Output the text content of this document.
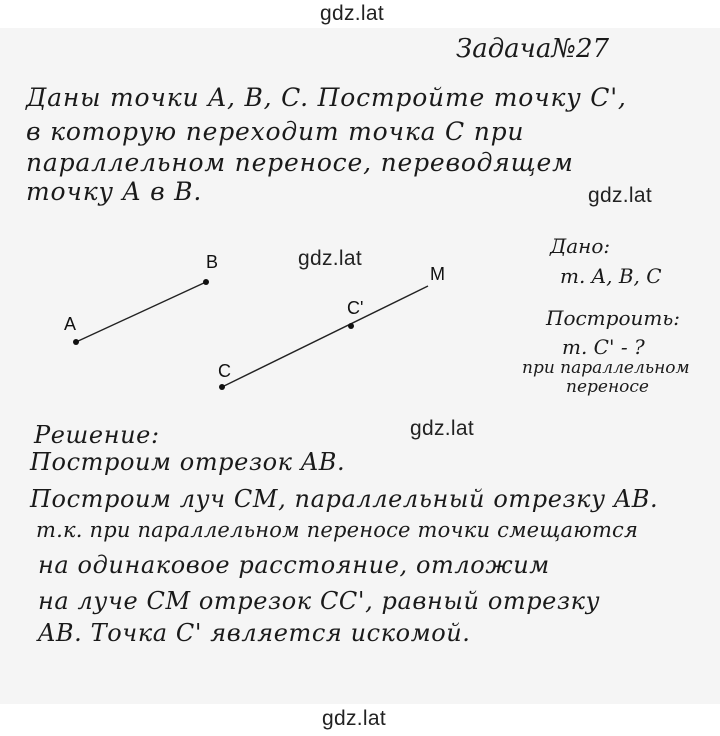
gdz.lat
gdz.lat
gdz.lat
gdz.lat
gdz.lat
Задача№27
Даны точки A, B, C. Постройте точку C',
в которую переходит точка C при
параллельном переносе, переводящем
точку A в B.
Дано:
т. A, B, C
Построить:
т. C' - ?
при параллельном
переносе
A
B
C
C'
M
Решение:
Построим отрезок AB.
Построим луч CM, параллельный отрезку AB.
т.к. при параллельном переносе точки смещаются
на одинаковое расстояние, отложим
на луче CM отрезок CC', равный отрезку
AB. Точка C' является искомой.
